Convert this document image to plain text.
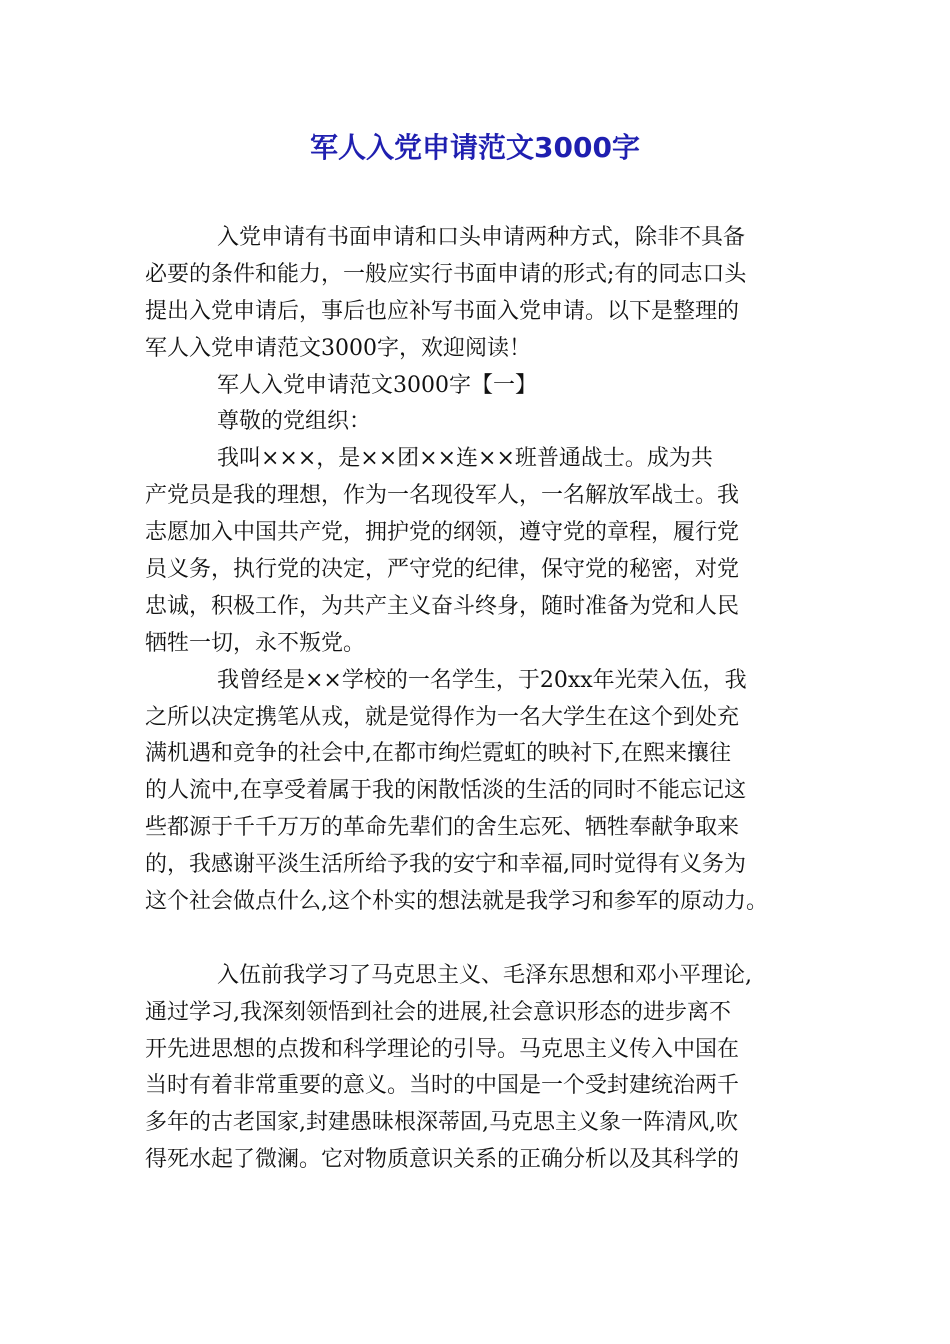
军人入党申请范文3000字
入党申请有书面申请和口头申请两种方式，除非不具备
必要的条件和能力，一般应实行书面申请的形式;有的同志口头
提出入党申请后，事后也应补写书面入党申请。以下是整理的
军人入党申请范文3000字，欢迎阅读！
军人入党申请范文3000字【一】
尊敬的党组织：
我叫×××，是××团××连××班普通战士。成为共
产党员是我的理想，作为一名现役军人，一名解放军战士。我
志愿加入中国共产党，拥护党的纲领，遵守党的章程，履行党
员义务，执行党的决定，严守党的纪律，保守党的秘密，对党
忠诚，积极工作，为共产主义奋斗终身，随时准备为党和人民
牺牲一切，永不叛党。
我曾经是××学校的一名学生，于20xx年光荣入伍，我
之所以决定携笔从戎，就是觉得作为一名大学生在这个到处充
满机遇和竞争的社会中,在都市绚烂霓虹的映衬下,在熙来攘往
的人流中,在享受着属于我的闲散恬淡的生活的同时不能忘记这
些都源于千千万万的革命先辈们的舍生忘死、牺牲奉献争取来
的，我感谢平淡生活所给予我的安宁和幸福,同时觉得有义务为
这个社会做点什么,这个朴实的想法就是我学习和参军的原动力。
入伍前我学习了马克思主义、毛泽东思想和邓小平理论,
通过学习,我深刻领悟到社会的进展,社会意识形态的进步离不
开先进思想的点拨和科学理论的引导。马克思主义传入中国在
当时有着非常重要的意义。当时的中国是一个受封建统治两千
多年的古老国家,封建愚昧根深蒂固,马克思主义象一阵清风,吹
得死水起了微澜。它对物质意识关系的正确分析以及其科学的
